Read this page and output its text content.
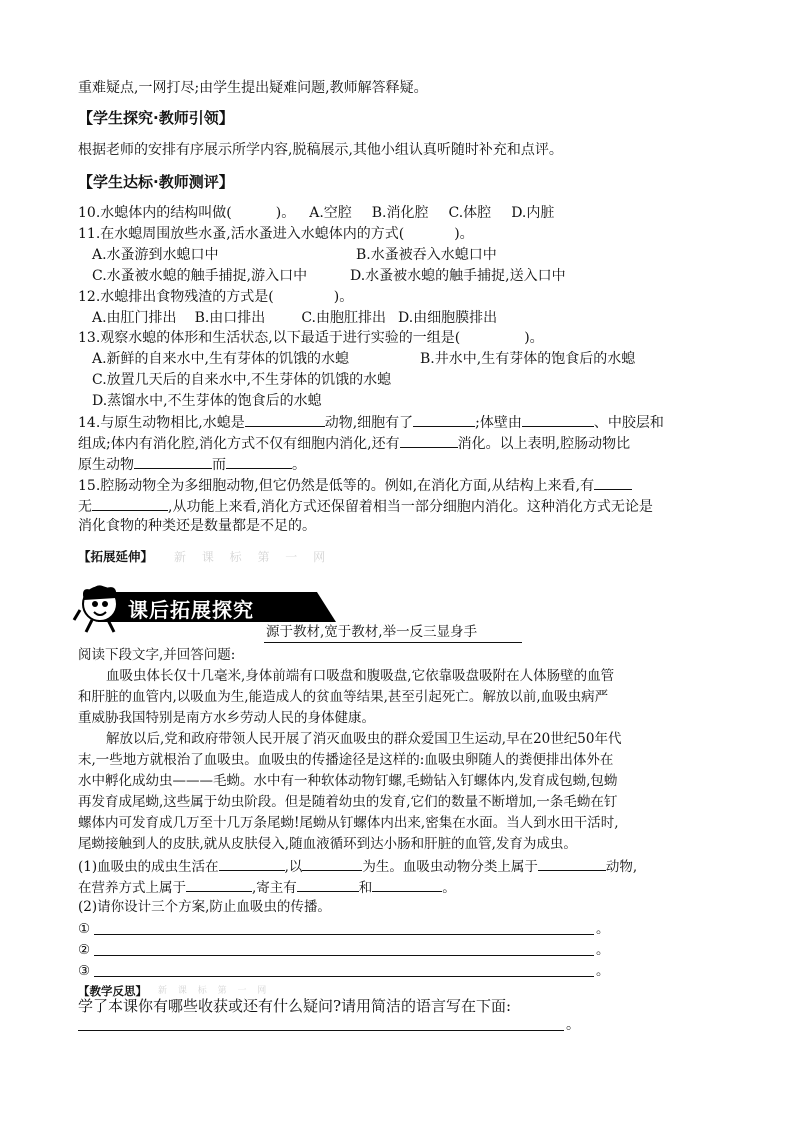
重难疑点,一网打尽;由学生提出疑难问题,教师解答释疑。
【学生探究·教师引领】
根据老师的安排有序展示所学内容,脱稿展示,其他小组认真听随时补充和点评。
【学生达标·教师测评】
10.水螅体内的结构叫做(	)。 A.空腔 B.消化腔 C.体腔 D.内脏
11.在水螅周围放些水蚤,活水蚤进入水螅体内的方式(	)。
A.水蚤游到水螅口中	B.水蚤被吞入水螅口中
C.水蚤被水螅的触手捕捉,游入口中	D.水蚤被水螅的触手捕捉,送入口中
12.水螅排出食物残渣的方式是(	)。
A.由肛门排出 B.由口排出	C.由胞肛排出 D.由细胞膜排出
13.观察水螅的体形和生活状态,以下最适于进行实验的一组是(	)。
A.新鲜的自来水中,生有芽体的饥饿的水螅	B.井水中,生有芽体的饱食后的水螅
C.放置几天后的自来水中,不生芽体的饥饿的水螅
D.蒸馏水中,不生芽体的饱食后的水螅
14.与原生动物相比,水螅是	动物,细胞有了	;体壁由	、中胶层和
组成;体内有消化腔,消化方式不仅有细胞内消化,还有	消化。以上表明,腔肠动物比
原生动物	而	。
15.腔肠动物全为多细胞动物,但它仍然是低等的。例如,在消化方面,从结构上来看,有
无	,从功能上来看,消化方式还保留着相当一部分细胞内消化。这种消化方式无论是
消化食物的种类还是数量都是不足的。
【拓展延伸】 新 课 标 第 一 网
课后拓展探究
源于教材,宽于教材,举一反三显身手
阅读下段文字,并回答问题:
血吸虫体长仅十几毫米,身体前端有口吸盘和腹吸盘,它依靠吸盘吸附在人体肠壁的血管
和肝脏的血管内,以吸血为生,能造成人的贫血等结果,甚至引起死亡。解放以前,血吸虫病严
重威胁我国特别是南方水乡劳动人民的身体健康。
解放以后,党和政府带领人民开展了消灭血吸虫的群众爱国卫生运动,早在20世纪50年代
末,一些地方就根治了血吸虫。血吸虫的传播途径是这样的:血吸虫卵随人的粪便排出体外在
水中孵化成幼虫———毛蚴。水中有一种软体动物钉螺,毛蚴钻入钉螺体内,发育成包蚴,包蚴
再发育成尾蚴,这些属于幼虫阶段。但是随着幼虫的发育,它们的数量不断增加,一条毛蚴在钉
螺体内可发育成几万至十几万条尾蚴!尾蚴从钉螺体内出来,密集在水面。当人到水田干活时,
尾蚴接触到人的皮肤,就从皮肤侵入,随血液循环到达小肠和肝脏的血管,发育为成虫。
(1)血吸虫的成虫生活在	,以	为生。血吸虫动物分类上属于	动物,
在营养方式上属于	,寄主有	和	。
(2)请你设计三个方案,防止血吸虫的传播。
①	。
②	。
③	。
【教学反思】 新 课 标 第 一 网
学了本课你有哪些收获或还有什么疑问?请用简洁的语言写在下面:
。
